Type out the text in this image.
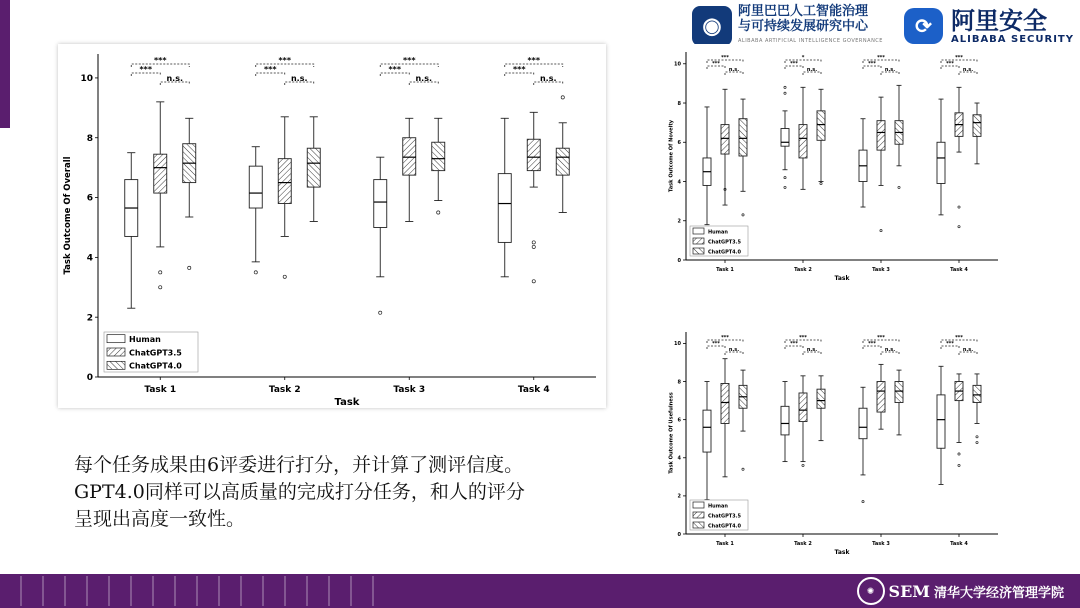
◉
阿里巴巴人工智能治理
与可持续发展研究中心
ALIBABA ARTIFICIAL INTELLIGENCE GOVERNANCE
⟳ 阿里安全
ALIBABA SECURITY
0
2
4
6
8
10
Task Outcome Of Overall
Task 1
***
***
n.s.
Task 2
***
***
n.s.
Task 3
***
***
n.s.
Task 4
***
***
n.s.
Task
Human
ChatGPT3.5
ChatGPT4.0
0
2
4
6
8
10
Task Outcome Of Novelty
Task 1
***
***
n.s.
Task 2
*
***
n.s.
Task 3
***
***
n.s.
Task 4
***
***
n.s.
Task
Human
ChatGPT3.5
ChatGPT4.0
0
2
4
6
8
10
Task Outcome Of Usefulness
Task 1
***
***
n.s.
Task 2
***
***
n.s.
Task 3
***
***
n.s.
Task 4
***
***
n.s.
Task
Human
ChatGPT3.5
ChatGPT4.0

每个任务成果由6评委进行打分，并计算了测评信度。

GPT4.0同样可以高质量的完成打分任务，和人的评分

呈现出高度一致性。

✺ SEM 清华大学经济管理学院
